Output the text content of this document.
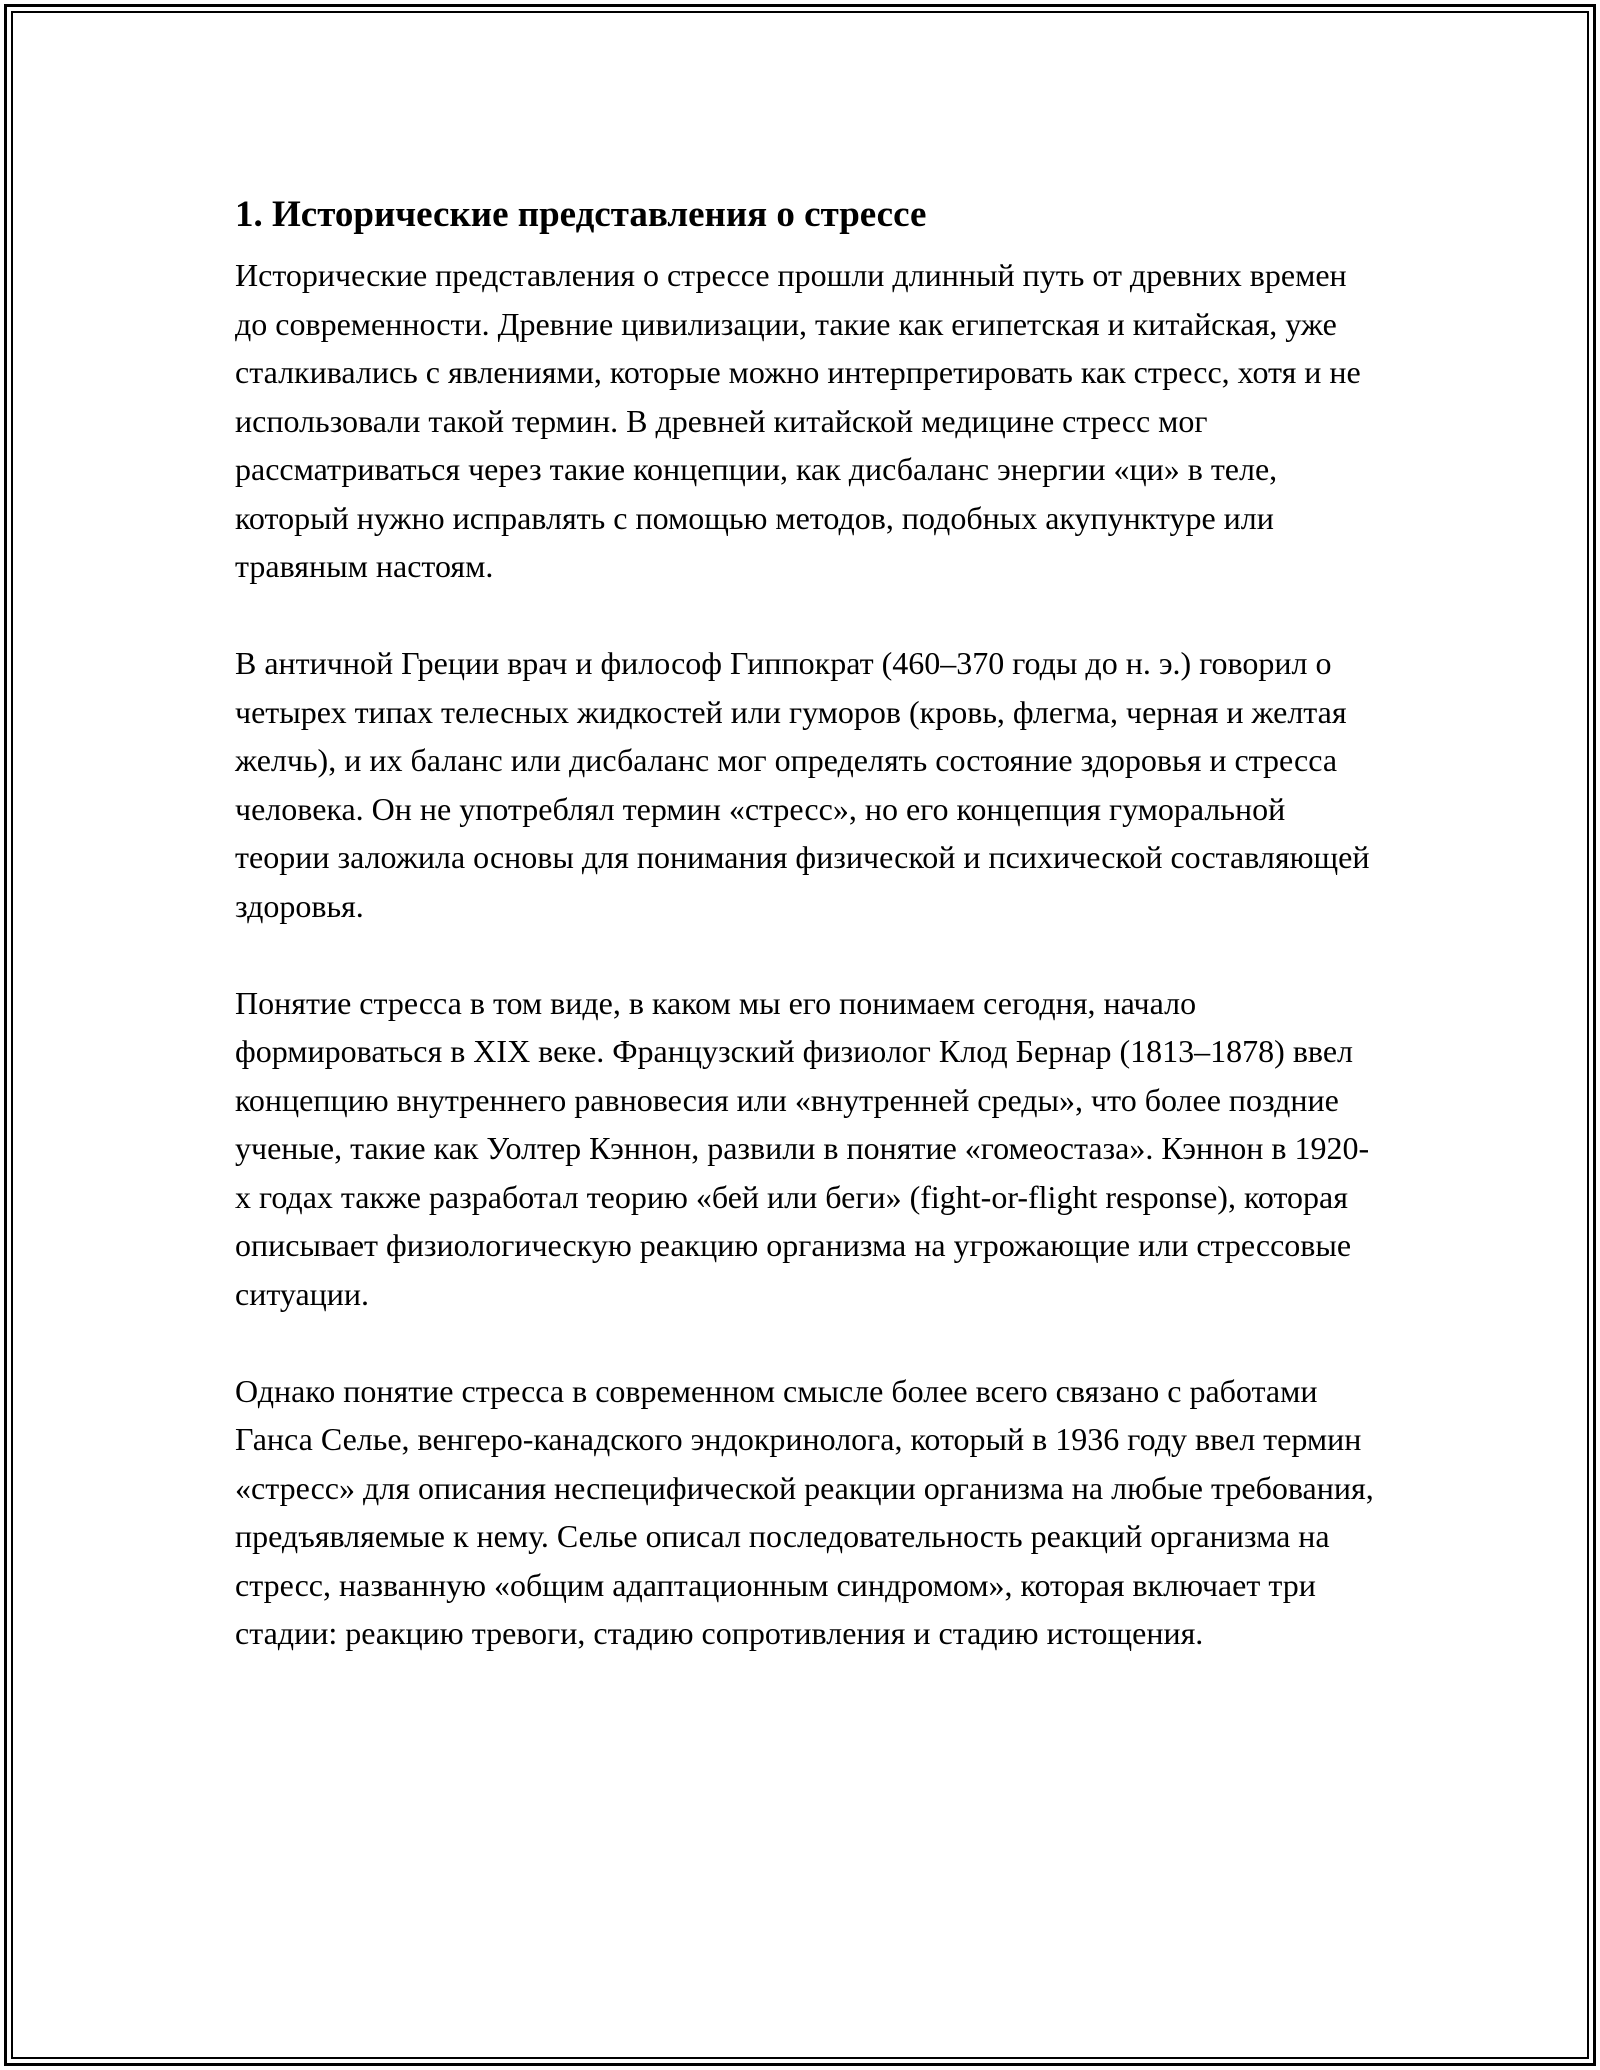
1. Исторические представления о стрессе

Исторические представления о стрессе прошли длинный путь от древних времен до современности. Древние цивилизации, такие как египетская и китайская, уже сталкивались с явлениями, которые можно интерпретировать как стресс, хотя и не использовали такой термин. В древней китайской медицине стресс мог рассматриваться через такие концепции, как дисбаланс энергии «ци» в теле, который нужно исправлять с помощью методов, подобных акупунктуре или травяным настоям.

В античной Греции врач и философ Гиппократ (460–370 годы до н. э.) говорил о четырех типах телесных жидкостей или гуморов (кровь, флегма, черная и желтая желчь), и их баланс или дисбаланс мог определять состояние здоровья и стресса человека. Он не употреблял термин «стресс», но его концепция гуморальной теории заложила основы для понимания физической и психической составляющей здоровья.

Понятие стресса в том виде, в каком мы его понимаем сегодня, начало формироваться в XIX веке. Французский физиолог Клод Бернар (1813–1878) ввел концепцию внутреннего равновесия или «внутренней среды», что более поздние ученые, такие как Уолтер Кэннон, развили в понятие «гомеостаза». Кэннон в 1920-х годах также разработал теорию «бей или беги» (fight-or-flight response), которая описывает физиологическую реакцию организма на угрожающие или стрессовые ситуации.

Однако понятие стресса в современном смысле более всего связано с работами Ганса Селье, венгеро-канадского эндокринолога, который в 1936 году ввел термин «стресс» для описания неспецифической реакции организма на любые требования, предъявляемые к нему. Селье описал последовательность реакций организма на стресс, названную «общим адаптационным синдромом», которая включает три стадии: реакцию тревоги, стадию сопротивления и стадию истощения.
